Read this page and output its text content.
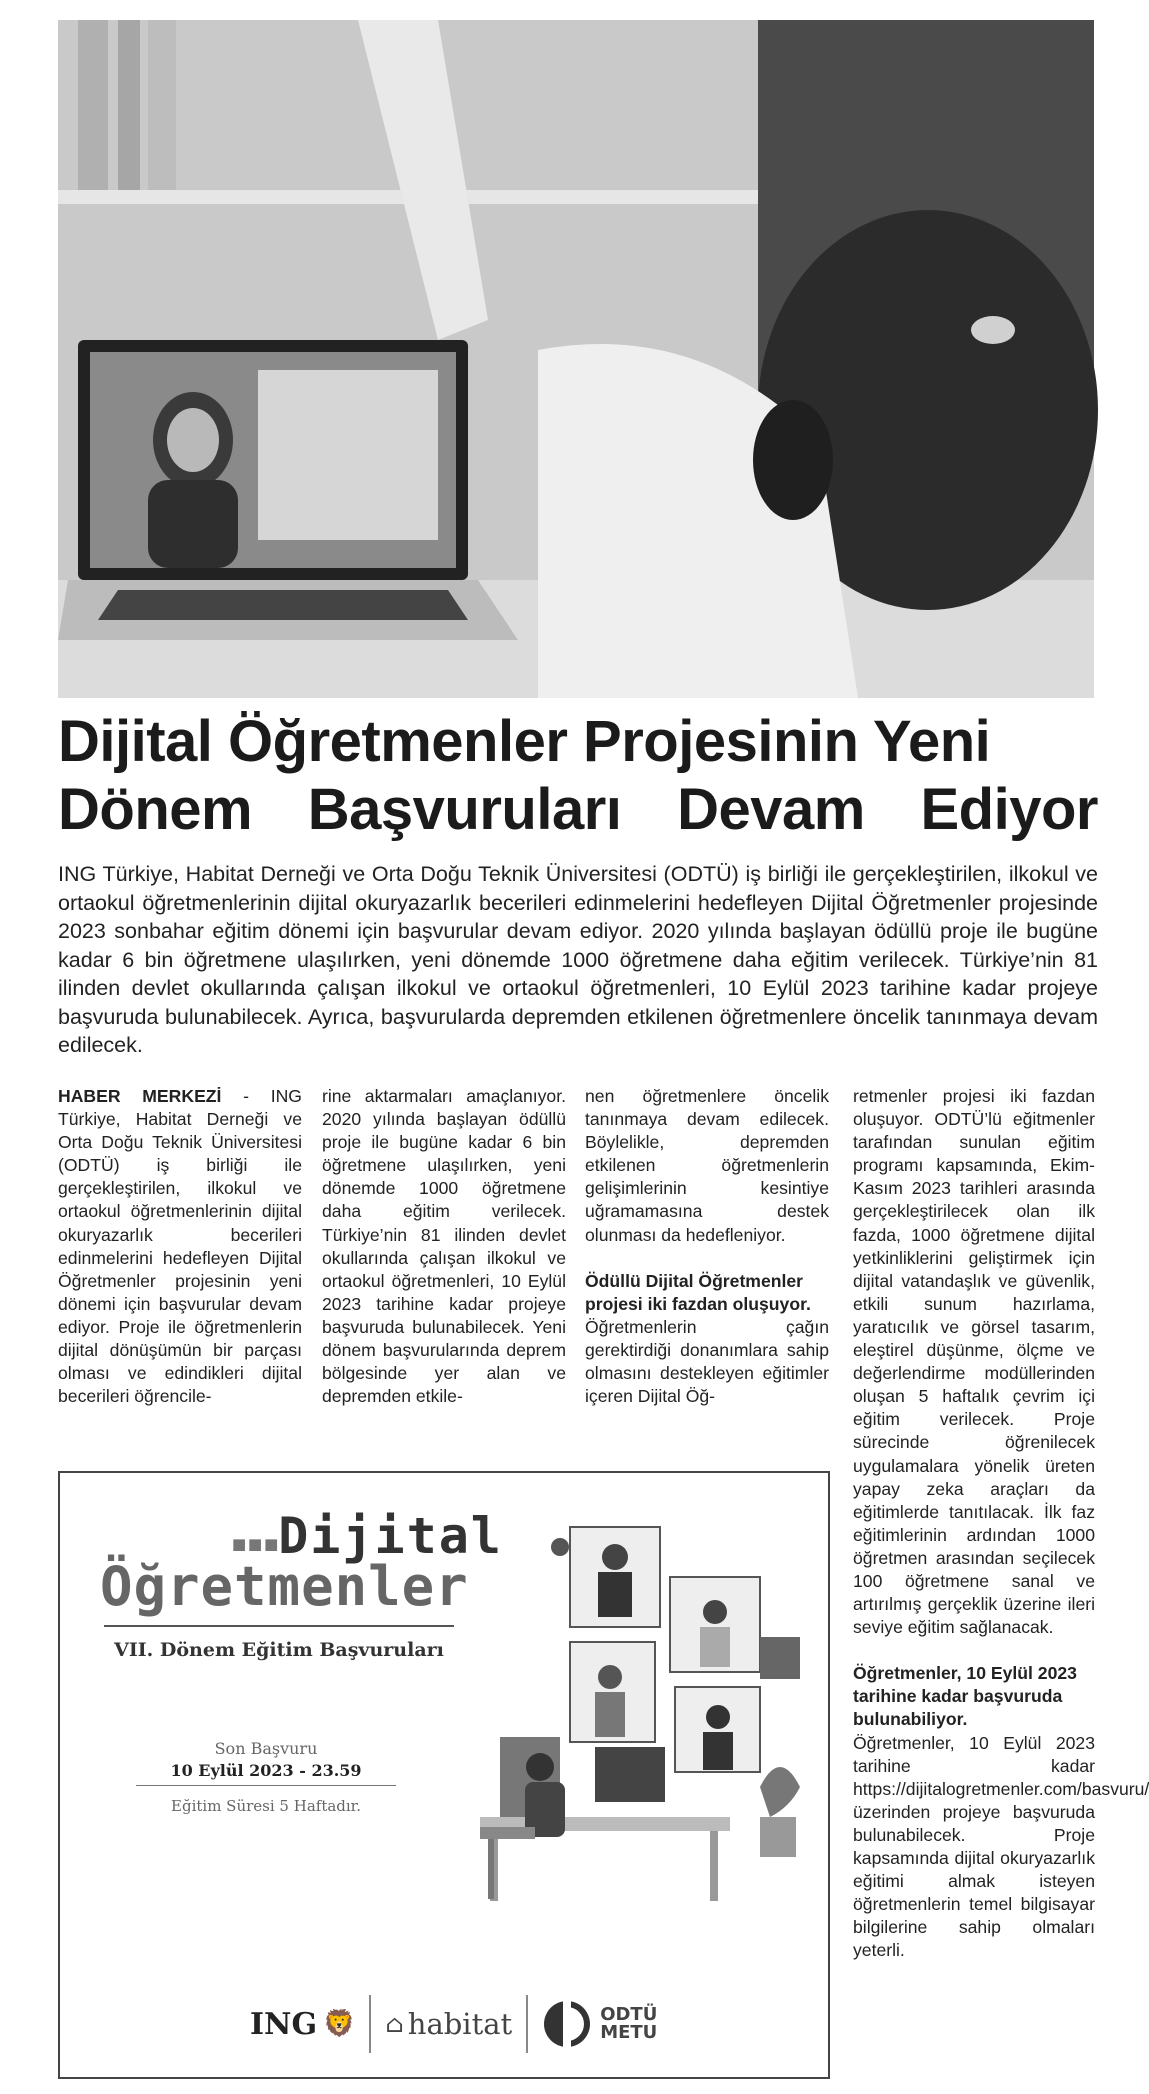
Dijital Öğretmenler Projesinin Yeni
Dönem Başvuruları Devam Ediyor

ING Türkiye, Habitat Derneği ve Orta Doğu Teknik Üniversitesi (ODTÜ) iş birliği ile gerçekleştirilen, ilkokul ve ortaokul öğretmenlerinin dijital okuryazarlık becerileri edinmelerini hedefleyen Dijital Öğretmenler projesinde 2023 sonbahar eğitim dönemi için başvurular devam ediyor. 2020 yılında başlayan ödüllü proje ile bugüne kadar 6 bin öğretmene ulaşılırken, yeni dönemde 1000 öğretmene daha eğitim verilecek. Türkiye’nin 81 ilinden devlet okullarında çalışan ilkokul ve ortaokul öğretmenleri, 10 Eylül 2023 tarihine kadar projeye başvuruda bulunabilecek. Ayrıca, başvurularda depremden etkilenen öğretmenlere öncelik tanınmaya devam edilecek.

HABER MERKEZİ - ING Türkiye, Habitat Derneği ve Orta Doğu Teknik Üniversitesi (ODTÜ) iş birliği ile gerçekleştirilen, ilkokul ve ortaokul öğretmenlerinin dijital okuryazarlık becerileri edinmelerini hedefleyen Dijital Öğretmenler projesinin yeni dönemi için başvurular devam ediyor. Proje ile öğretmenlerin dijital dönüşümün bir parçası olması ve edindikleri dijital becerileri öğrencile-

rine aktarmaları amaçlanıyor. 2020 yılında başlayan ödüllü proje ile bugüne kadar 6 bin öğretmene ulaşılırken, yeni dönemde 1000 öğretmene daha eğitim verilecek. Türkiye’nin 81 ilinden devlet okullarında çalışan ilkokul ve ortaokul öğretmenleri, 10 Eylül 2023 tarihine kadar projeye başvuruda bulunabilecek. Yeni dönem başvurularında deprem bölgesinde yer alan ve depremden etkile-

nen öğretmenlere öncelik tanınmaya devam edilecek. Böylelikle, depremden etkilenen öğretmenlerin gelişimlerinin kesintiye uğramamasına destek olunması da hedefleniyor.

Ödüllü Dijital Öğretmenler projesi iki fazdan oluşuyor.

Öğretmenlerin çağın gerektirdiği donanımlara sahip olmasını destekleyen eğitimler içeren Dijital Öğ-

retmenler projesi iki fazdan oluşuyor. ODTÜ’lü eğitmenler tarafından sunulan eğitim programı kapsamında, Ekim-Kasım 2023 tarihleri arasında gerçekleştirilecek olan ilk fazda, 1000 öğretmene dijital yetkinliklerini geliştirmek için dijital vatandaşlık ve güvenlik, etkili sunum hazırlama, yaratıcılık ve görsel tasarım, eleştirel düşünme, ölçme ve değerlendirme modüllerinden oluşan 5 haftalık çevrim içi eğitim verilecek. Proje sürecinde öğrenilecek uygulamalara yönelik üreten yapay zeka araçları da eğitimlerde tanıtılacak. İlk faz eğitimlerinin ardından 1000 öğretmen arasından seçilecek 100 öğretmene sanal ve artırılmış gerçeklik üzerine ileri seviye eğitim sağlanacak.

Öğretmenler, 10 Eylül 2023 tarihine kadar başvuruda bulunabiliyor.

Öğretmenler, 10 Eylül 2023 tarihine kadar https://dijitalogretmenler.com/basvuru/ üzerinden projeye başvuruda bulunabilecek. Proje kapsamında dijital okuryazarlık eğitimi almak isteyen öğretmenlerin temel bilgisayar bilgilerine sahip olmaları yeterli.

▪▪▪Dijital
Öğretmenler
VII. Dönem Eğitim Başvuruları
Son Başvuru
10 Eylül 2023 - 23.59
Eğitim Süresi 5 Haftadır.
ING 🦁 ⌂ habitat	ODTÜ
METU
